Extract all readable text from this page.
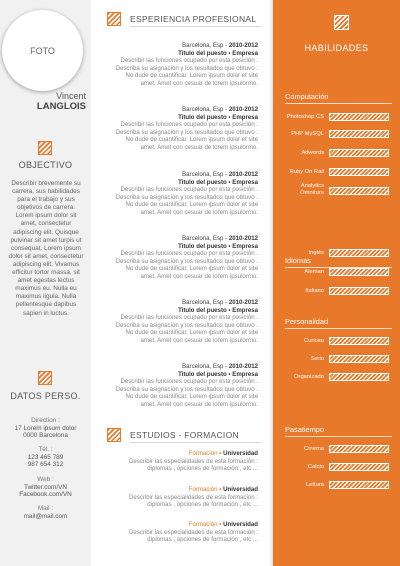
FOTO
Vincent
LANGLOIS
OBJECTIVO
Describir brevemente su carrera, sus habilidades para el trabajo y sus objetivos de carrera. Lorem ipsum dolor sit amet, consectetur adipiscing elit. Quisque pulvinar sit amet turpis ut consequat. Lorem ipsum dolor sit amet, consectetur adipiscing elit. Vivamus efficitur tortor massa, sit amet egestas lectus maximus eu. Nulla eu maximus ligula. Nulla pellentesque dapibus sapien in luctus.
DATOS PERSO.
Direction :
17 Lorem ipsum dolor
0000 Barcelona
Tél. :
123 465 789
987 654 312
Web :
Twitter.com/VN
Facebook.com/VN
Mail :
mail@mail.com
ESPERIENCIA PROFESIONAL
Barcelona, Esp - 2010-2012
Titulo del puesto • Empresa
Describir las funciones ocupado por esta posición .
Describa su asignación y los resultados que obtuvo .
No dude de cuantificar. Lorem ipsum dolor et site
amet. Amet con cesuar de lorem ipsulormo.
Barcelona, Esp - 2010-2012
Titulo del puesto • Empresa
Describir las funciones ocupado por esta posición .
Describa su asignación y los resultados que obtuvo .
No dude de cuantificar. Lorem ipsum dolor et site
amet. Amet con cesuar de lorem ipsulormo.
Barcelona, Esp - 2010-2012
Titulo del puesto • Empresa
Describir las funciones ocupado por esta posición .
Describa su asignación y los resultados que obtuvo .
No dude de cuantificar. Lorem ipsum dolor et site
amet. Amet con cesuar de lorem ipsulormo.
Barcelona, Esp - 2010-2012
Titulo del puesto • Empresa
Describir las funciones ocupado por esta posición .
Describa su asignación y los resultados que obtuvo .
No dude de cuantificar. Lorem ipsum dolor et site
amet. Amet con cesuar de lorem ipsulormo.
Barcelona, Esp - 2010-2012
Titulo del puesto • Empresa
Describir las funciones ocupado por esta posición .
Describa su asignación y los resultados que obtuvo .
No dude de cuantificar. Lorem ipsum dolor et site
amet. Amet con cesuar de lorem ipsulormo.
Barcelona, Esp - 2010-2012
Titulo del puesto • Empresa
Describir las funciones ocupado por esta posición .
Describa su asignación y los resultados que obtuvo .
No dude de cuantificar. Lorem ipsum dolor et site
amet. Amet con cesuar de lorem ipsulormo.
ESTUDIOS - FORMACION
Formación • Universidad
Describir las especialidades de esta formación :
diplomas , opciones de formación , etc ...
Formación • Universidad
Describir las especialidades de esta formación :
diplomas , opciones de formación , etc ...
Formación • Universidad
Describir las especialidades de esta formación :
diplomas , opciones de formación , etc ...
HABILIDADES
Computación
Photoshop CS
PHP MySQL
Adwords
Ruby On Rail
Analytics
Omniture
Idiomas
Inglés
Aleman
Italiano
Personalidad
Curioso
Serio
Organizado
Pasatiempo
Cinema
Calcio
Lettura
